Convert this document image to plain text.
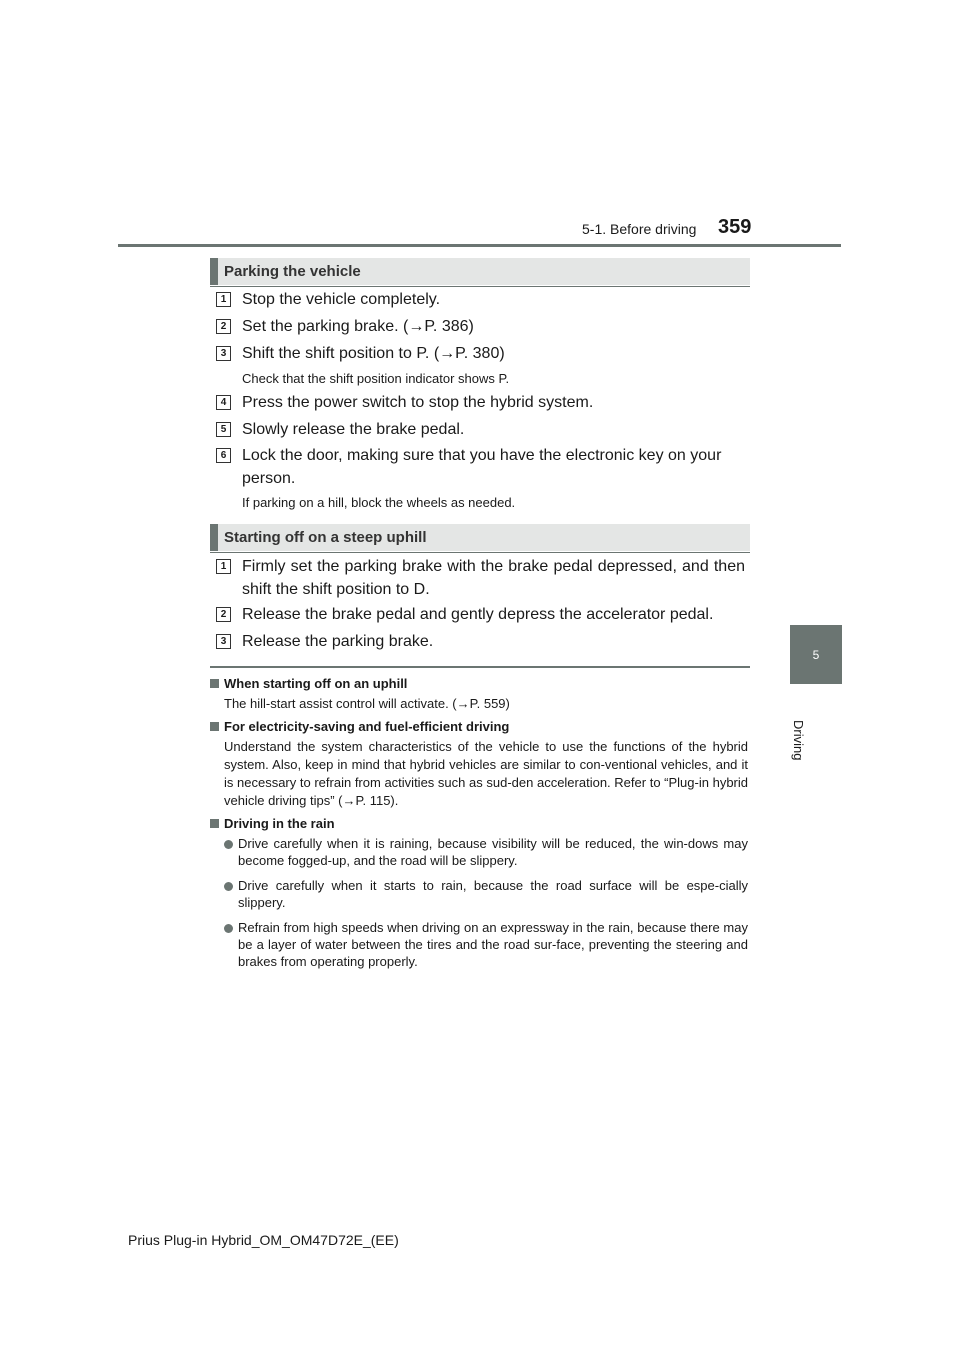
5-1. Before driving 359
5
Driving
Parking the vehicle
1 Stop the vehicle completely.
2 Set the parking brake. (→P. 386)
3 Shift the shift position to P. (→P. 380)
Check that the shift position indicator shows P.
4 Press the power switch to stop the hybrid system.
5 Slowly release the brake pedal.
6 Lock the door, making sure that you have the electronic key on your person.
If parking on a hill, block the wheels as needed.
Starting off on a steep uphill
1 Firmly set the parking brake with the brake pedal depressed, and then shift the shift position to D.
2 Release the brake pedal and gently depress the accelerator pedal.
3 Release the parking brake.
When starting off on an uphill
The hill-start assist control will activate. (→P. 559)
For electricity-saving and fuel-efficient driving
Understand the system characteristics of the vehicle to use the functions of the hybrid system. Also, keep in mind that hybrid vehicles are similar to con-ventional vehicles, and it is necessary to refrain from activities such as sud-den acceleration. Refer to “Plug-in hybrid vehicle driving tips” (→P. 115).
Driving in the rain
Drive carefully when it is raining, because visibility will be reduced, the win-dows may become fogged-up, and the road will be slippery.
Drive carefully when it starts to rain, because the road surface will be espe-cially slippery.
Refrain from high speeds when driving on an expressway in the rain, because there may be a layer of water between the tires and the road sur-face, preventing the steering and brakes from operating properly.
Prius Plug-in Hybrid_OM_OM47D72E_(EE)
